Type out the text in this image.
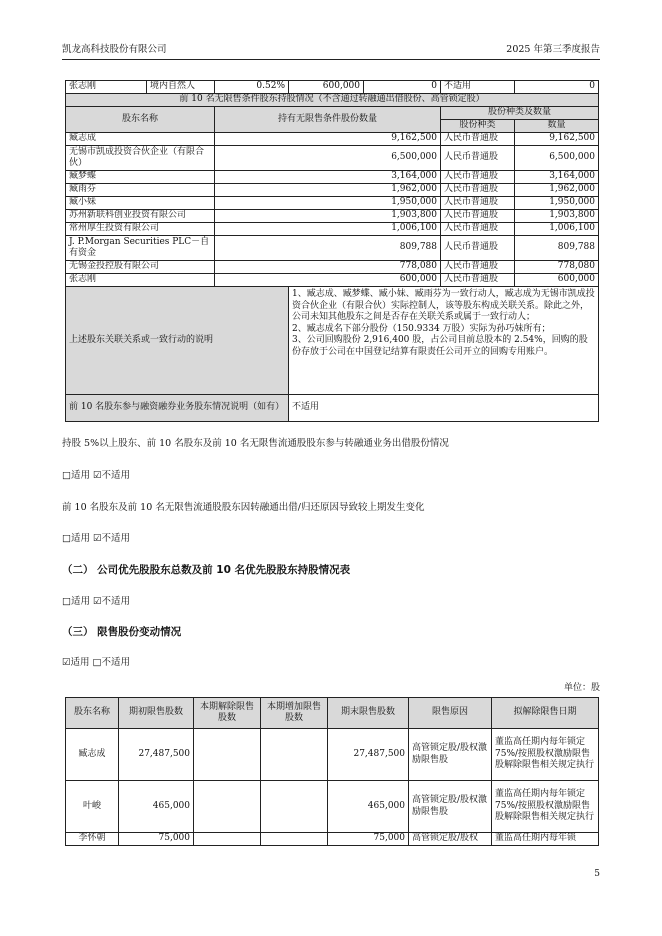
凯龙高科技股份有限公司	2025 年第三季度报告
张志刚	境内自然人	0.52%	600,000	0	不适用	0
前 10 名无限售条件股东持股情况（不含通过转融通出借股份、高管锁定股）						
股东名称		持有无限售条件股份数量			股份种类及数量	
					股份种类	数量
臧志成		9,162,500			人民币普通股	9,162,500
无锡市凯成投资合伙企业（有限合伙）		6,500,000			人民币普通股	6,500,000
臧梦蝶		3,164,000			人民币普通股	3,164,000
臧雨芬		1,962,000			人民币普通股	1,962,000
臧小妹		1,950,000			人民币普通股	1,950,000
苏州新联科创业投资有限公司		1,903,800			人民币普通股	1,903,800
常州厚生投资有限公司		1,006,100			人民币普通股	1,006,100
J. P.Morgan Securities PLC－自有资金		809,788			人民币普通股	809,788
无锡金投控股有限公司		778,080			人民币普通股	778,080
张志刚		600,000			人民币普通股	600,000
上述股东关联关系或一致行动的说明			1、臧志成、臧梦蝶、臧小妹、臧雨芬为一致行动人，臧志成为无锡市凯成投资合伙企业（有限合伙）实际控制人，该等股东构成关联关系。除此之外，公司未知其他股东之间是否存在关联关系或属于一致行动人；
2、臧志成名下部分股份（150.9334 万股）实际为孙巧妹所有；
3、公司回购股份 2,916,400 股，占公司目前总股本的 2.54%，回购的股份存放于公司在中国登记结算有限责任公司开立的回购专用账户。			
前 10 名股东参与融资融券业务股东情况说明（如有）			不适用			
持股 5%以上股东、前 10 名股东及前 10 名无限售流通股股东参与转融通业务出借股份情况
□适用 ☑不适用
前 10 名股东及前 10 名无限售流通股股东因转融通出借/归还原因导致较上期发生变化
□适用 ☑不适用
（二） 公司优先股股东总数及前 10 名优先股股东持股情况表
□适用 ☑不适用
（三） 限售股份变动情况
☑适用 □不适用
单位：股
股东名称	期初限售股数	本期解除限售股数	本期增加限售股数	期末限售股数	限售原因	拟解除限售日期
臧志成	27,487,500			27,487,500	高管锁定股/股权激励限售股	董监高任期内每年锁定 75%/按照股权激励限售股解除限售相关规定执行
叶峻	465,000			465,000	高管锁定股/股权激励限售股	董监高任期内每年锁定 75%/按照股权激励限售股解除限售相关规定执行
李怀朝	75,000			75,000	高管锁定股/股权	董监高任期内每年锁
5
